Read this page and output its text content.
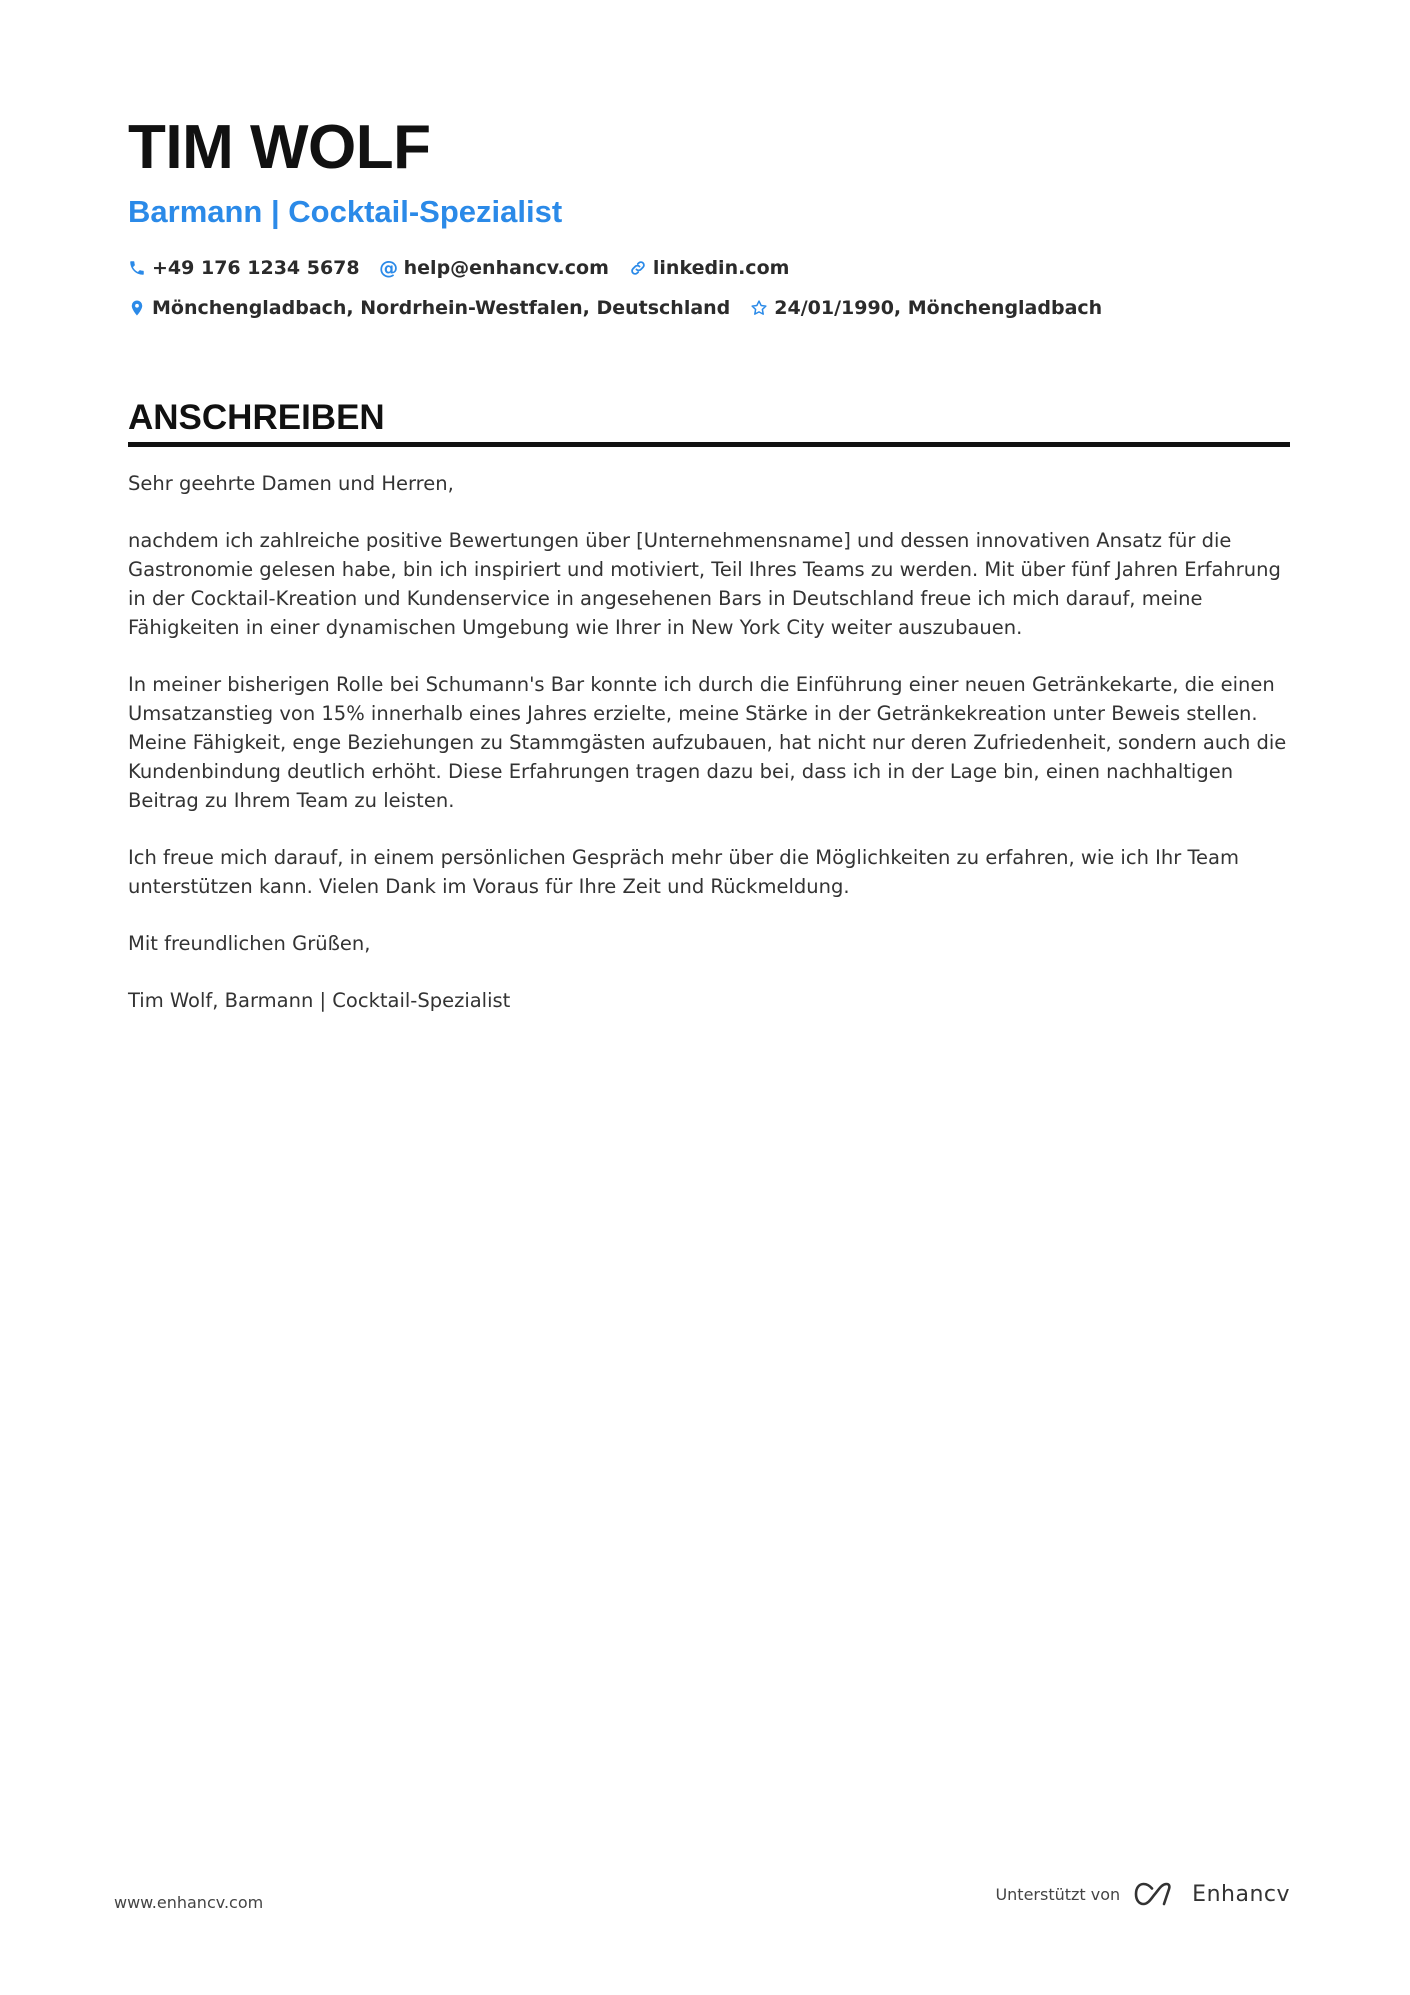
TIM WOLF
Barmann | Cocktail-Spezialist
+49 176 1234 5678 @ help@enhancv.com linkedin.com
Mönchengladbach, Nordrhein-Westfalen, Deutschland 24/01/1990, Mönchengladbach
ANSCHREIBEN

Sehr geehrte Damen und Herren,

nachdem ich zahlreiche positive Bewertungen über [Unternehmensname] und dessen innovativen Ansatz für die Gastronomie gelesen habe, bin ich inspiriert und motiviert, Teil Ihres Teams zu werden. Mit über fünf Jahren Erfahrung in der Cocktail-Kreation und Kundenservice in angesehenen Bars in Deutschland freue ich mich darauf, meine Fähigkeiten in einer dynamischen Umgebung wie Ihrer in New York City weiter auszubauen.

In meiner bisherigen Rolle bei Schumann's Bar konnte ich durch die Einführung einer neuen Getränkekarte, die einen Umsatzanstieg von 15% innerhalb eines Jahres erzielte, meine Stärke in der Getränkekreation unter Beweis stellen. Meine Fähigkeit, enge Beziehungen zu Stammgästen aufzubauen, hat nicht nur deren Zufriedenheit, sondern auch die Kundenbindung deutlich erhöht. Diese Erfahrungen tragen dazu bei, dass ich in der Lage bin, einen nachhaltigen Beitrag zu Ihrem Team zu leisten.

Ich freue mich darauf, in einem persönlichen Gespräch mehr über die Möglichkeiten zu erfahren, wie ich Ihr Team unterstützen kann. Vielen Dank im Voraus für Ihre Zeit und Rückmeldung.

Mit freundlichen Grüßen,

Tim Wolf, Barmann | Cocktail-Spezialist

www.enhancv.com	Unterstützt von	Enhancv
